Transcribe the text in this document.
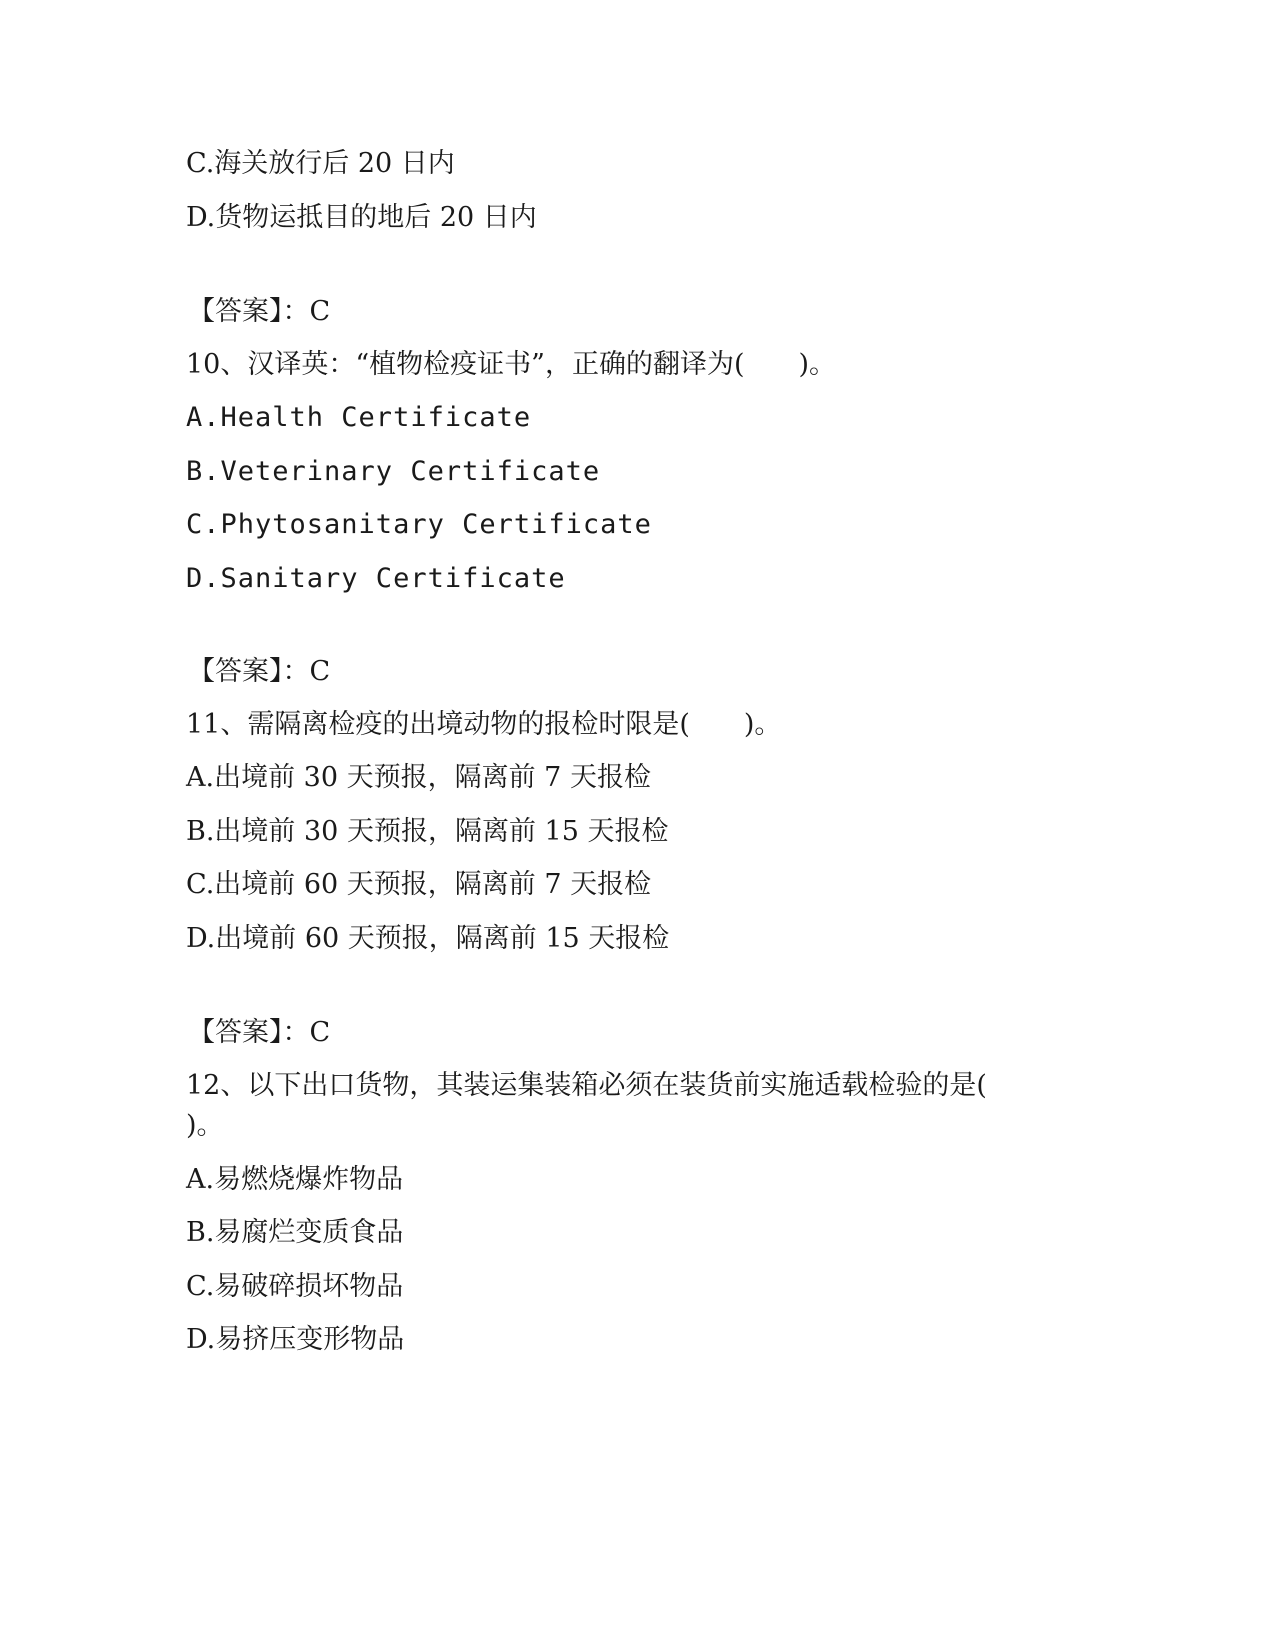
C.海关放行后 20 日内
D.货物运抵目的地后 20 日内
【答案】：C
10、汉译英：“植物检疫证书”，正确的翻译为(　　)。
A.Health Certificate
B.Veterinary Certificate
C.Phytosanitary Certificate
D.Sanitary Certificate
【答案】：C
11、需隔离检疫的出境动物的报检时限是(　　)。
A.出境前 30 天预报，隔离前 7 天报检
B.出境前 30 天预报，隔离前 15 天报检
C.出境前 60 天预报，隔离前 7 天报检
D.出境前 60 天预报，隔离前 15 天报检
【答案】：C
12、以下出口货物，其装运集装箱必须在装货前实施适载检验的是(
)。
A.易燃烧爆炸物品
B.易腐烂变质食品
C.易破碎损坏物品
D.易挤压变形物品
